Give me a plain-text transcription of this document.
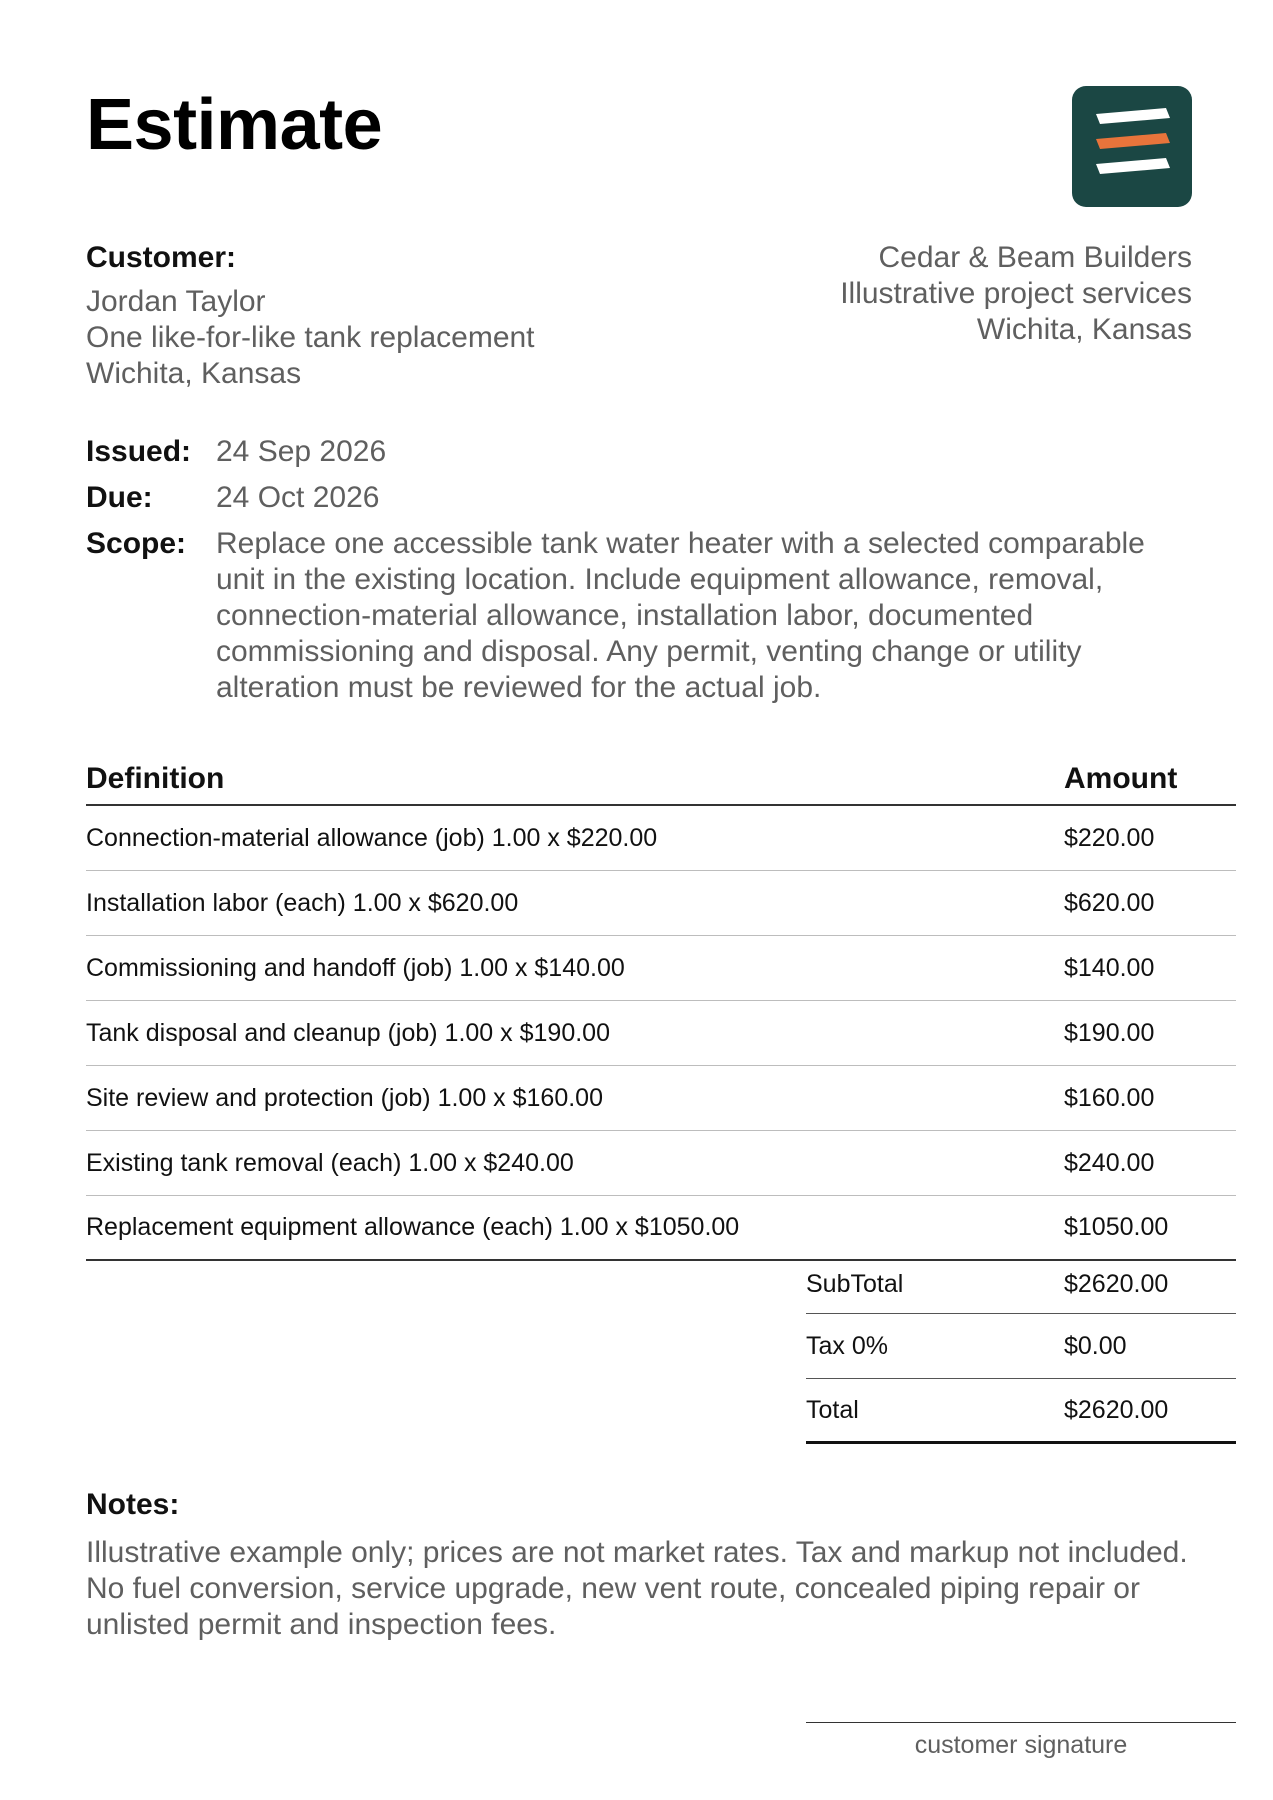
Estimate
Customer:
Jordan Taylor
One like-for-like tank replacement
Wichita, Kansas
Cedar & Beam Builders
Illustrative project services
Wichita, Kansas
Issued: 24 Sep 2026
Due:	24 Oct 2026
Scope: Replace one accessible tank water heater with a selected comparable unit in the existing location. Include equipment allowance, removal, connection-material allowance, installation labor, documented commissioning and disposal. Any permit, venting change or utility alteration must be reviewed for the actual job.
Definition	Amount
Connection-material allowance (job) 1.00 x $220.00	$220.00
Installation labor (each) 1.00 x $620.00	$620.00
Commissioning and handoff (job) 1.00 x $140.00	$140.00
Tank disposal and cleanup (job) 1.00 x $190.00	$190.00
Site review and protection (job) 1.00 x $160.00	$160.00
Existing tank removal (each) 1.00 x $240.00	$240.00
Replacement equipment allowance (each) 1.00 x $1050.00	$1050.00
SubTotal	$2620.00
Tax 0%	$0.00
Total	$2620.00
Notes:
Illustrative example only; prices are not market rates. Tax and markup not included. No fuel conversion, service upgrade, new vent route, concealed piping repair or unlisted permit and inspection fees.
customer signature
